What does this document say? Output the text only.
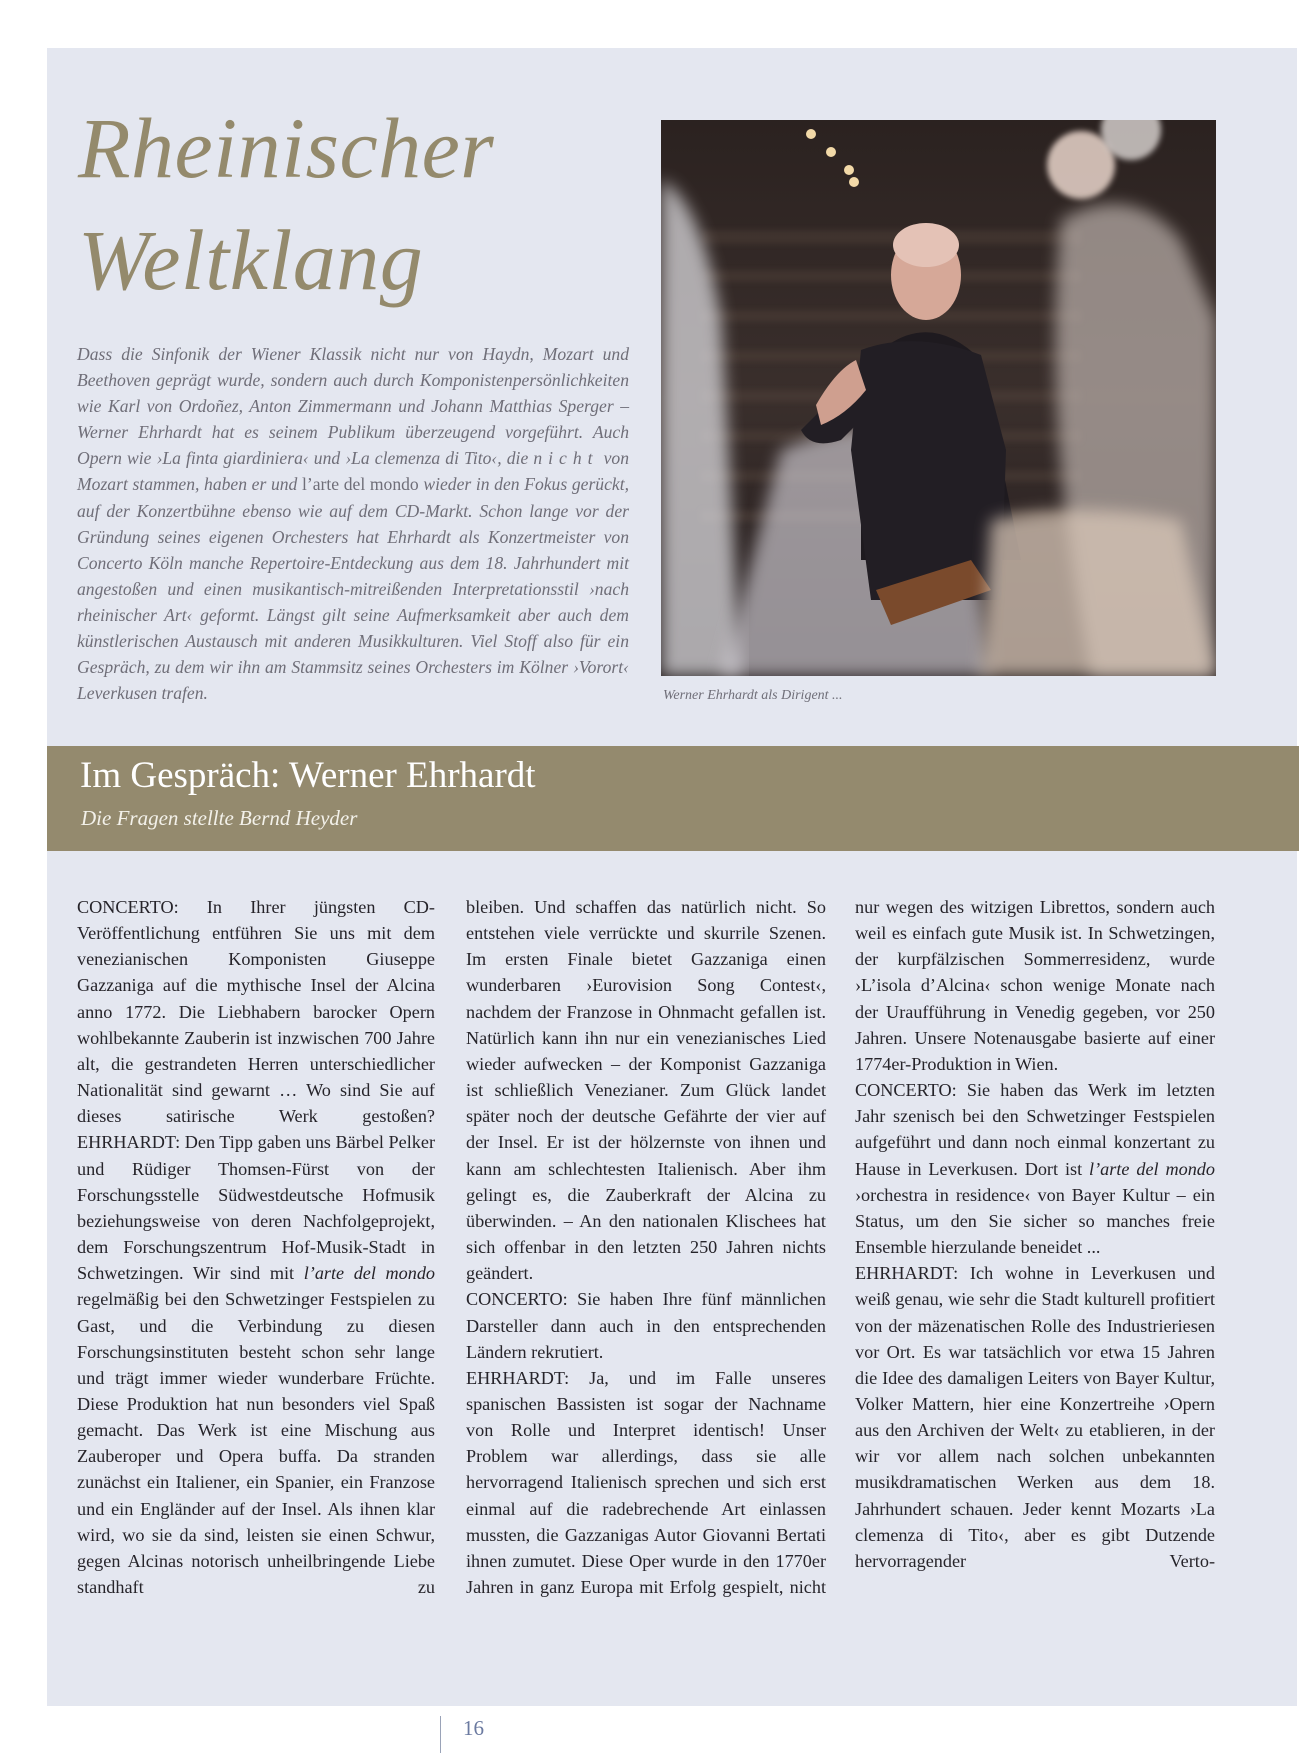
Rheinischer
Weltklang

Dass die Sinfonik der Wiener Klassik nicht nur von Haydn, Mozart und Beethoven geprägt wurde, sondern auch durch Komponistenpersönlichkeiten wie Karl von Ordoñez, Anton Zimmermann und Johann Matthias Sperger – Werner Ehrhardt hat es seinem Publikum überzeugend vorgeführt. Auch Opern wie ›La finta giardiniera‹ und ›La clemenza di Tito‹, die nicht von Mozart stammen, haben er und l’arte del mondo wieder in den Fokus gerückt, auf der Konzertbühne ebenso wie auf dem CD-Markt. Schon lange vor der Gründung seines eigenen Orchesters hat Ehrhardt als Konzertmeister von Concerto Köln manche Repertoire-Entdeckung aus dem 18. Jahrhundert mit angestoßen und einen musikantisch-mitreißenden Interpretationsstil ›nach rheinischer Art‹ geformt. Längst gilt seine Aufmerksamkeit aber auch dem künstlerischen Austausch mit anderen Musikkulturen. Viel Stoff also für ein Gespräch, zu dem wir ihn am Stammsitz seines Orchesters im Kölner ›Vorort‹ Leverkusen trafen.	Werner Ehrhardt als Dirigent ...

Im Gespräch: Werner Ehrhardt

Die Fragen stellte Bernd Heyder

CONCERTO: In Ihrer jüngsten CD-Veröffentlichung entführen Sie uns mit dem venezianischen Komponisten Giuseppe Gazzaniga auf die mythische Insel der Alcina anno 1772. Die Liebhabern barocker Opern wohlbekannte Zauberin ist inzwischen 700 Jahre alt, die gestrandeten Herren unterschiedlicher Nationalität sind gewarnt … Wo sind Sie auf dieses satirische Werk gestoßen?

EHRHARDT: Den Tipp gaben uns Bärbel Pelker und Rüdiger Thomsen-Fürst von der Forschungsstelle Südwestdeutsche Hofmusik beziehungsweise von deren Nachfolgeprojekt, dem Forschungszentrum Hof-Musik-Stadt in Schwetzingen. Wir sind mit l’arte del mondo regelmäßig bei den Schwetzinger Festspielen zu Gast, und die Verbindung zu diesen Forschungsinstituten besteht schon sehr lange und trägt immer wieder wunderbare Früchte. Diese Produktion hat nun besonders viel Spaß gemacht. Das Werk ist eine Mischung aus Zauberoper und Opera buffa. Da stranden zunächst ein Italiener, ein Spanier, ein Franzose und ein Engländer auf der Insel. Als ihnen klar wird, wo sie da sind, leisten sie einen Schwur, gegen Alcinas notorisch unheilbringende Liebe standhaft zu

bleiben. Und schaffen das natürlich nicht. So entstehen viele verrückte und skurrile Szenen. Im ersten Finale bietet Gazzaniga einen wunderbaren ›Eurovision Song Contest‹, nachdem der Franzose in Ohnmacht gefallen ist. Natürlich kann ihn nur ein venezianisches Lied wieder aufwecken – der Komponist Gazzaniga ist schließlich Venezianer. Zum Glück landet später noch der deutsche Gefährte der vier auf der Insel. Er ist der hölzernste von ihnen und kann am schlechtesten Italienisch. Aber ihm gelingt es, die Zauberkraft der Alcina zu überwinden. – An den nationalen Klischees hat sich offenbar in den letzten 250 Jahren nichts geändert.

CONCERTO: Sie haben Ihre fünf männlichen Darsteller dann auch in den entsprechenden Ländern rekrutiert.

EHRHARDT: Ja, und im Falle unseres spanischen Bassisten ist sogar der Nachname von Rolle und Interpret identisch! Unser Problem war allerdings, dass sie alle hervorragend Italienisch sprechen und sich erst einmal auf die radebrechende Art einlassen mussten, die Gazzanigas Autor Giovanni Bertati ihnen zumutet. Diese Oper wurde in den 1770er Jahren in ganz Europa mit Erfolg gespielt, nicht

nur wegen des witzigen Librettos, sondern auch weil es einfach gute Musik ist. In Schwetzingen, der kurpfälzischen Sommerresidenz, wurde ›L’isola d’Alcina‹ schon wenige Monate nach der Uraufführung in Venedig gegeben, vor 250 Jahren. Unsere Notenausgabe basierte auf einer 1774er-Produktion in Wien.

CONCERTO: Sie haben das Werk im letzten Jahr szenisch bei den Schwetzinger Festspielen aufgeführt und dann noch einmal konzertant zu Hause in Leverkusen. Dort ist l’arte del mondo ›orchestra in residence‹ von Bayer Kultur – ein Status, um den Sie sicher so manches freie Ensemble hierzulande beneidet ...

EHRHARDT: Ich wohne in Leverkusen und weiß genau, wie sehr die Stadt kulturell profitiert von der mäzenatischen Rolle des Industrieriesen vor Ort. Es war tatsächlich vor etwa 15 Jahren die Idee des damaligen Leiters von Bayer Kultur, Volker Mattern, hier eine Konzertreihe ›Opern aus den Archiven der Welt‹ zu etablieren, in der wir vor allem nach solchen unbekannten musikdramatischen Werken aus dem 18. Jahrhundert schauen. Jeder kennt Mozarts ›La clemenza di Tito‹, aber es gibt Dutzende hervorragender Verto-

16
